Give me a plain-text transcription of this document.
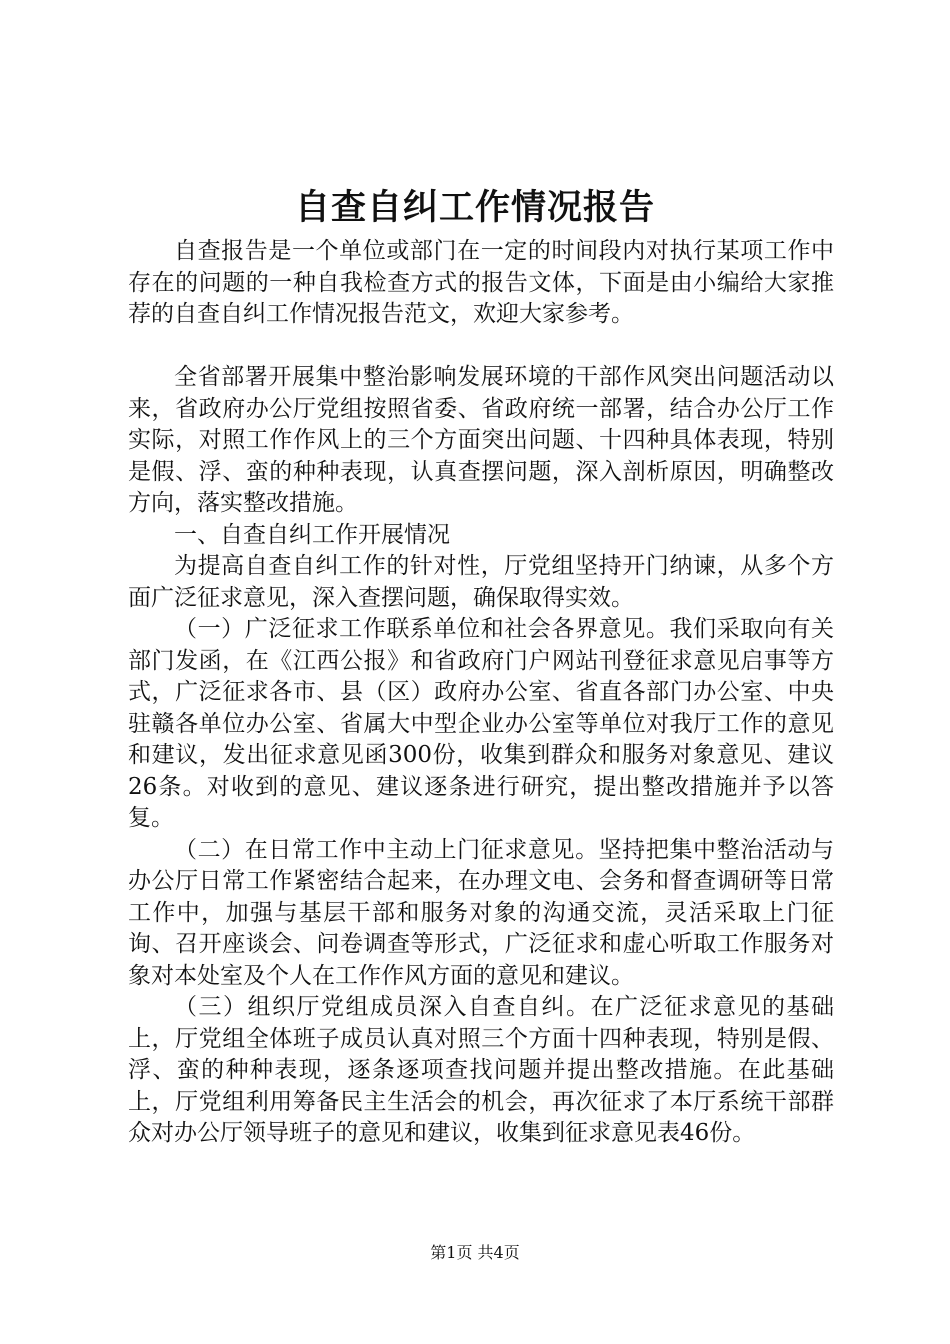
自查自纠工作情况报告

自查报告是一个单位或部门在一定的时间段内对执行某项工作中存在的问题的一种自我检查方式的报告文体，下面是由小编给大家推荐的自查自纠工作情况报告范文，欢迎大家参考。

全省部署开展集中整治影响发展环境的干部作风突出问题活动以来，省政府办公厅党组按照省委、省政府统一部署，结合办公厅工作实际，对照工作作风上的三个方面突出问题、十四种具体表现，特别是假、浮、蛮的种种表现，认真查摆问题，深入剖析原因，明确整改方向，落实整改措施。

一、自查自纠工作开展情况

为提高自查自纠工作的针对性，厅党组坚持开门纳谏，从多个方面广泛征求意见，深入查摆问题，确保取得实效。

（一）广泛征求工作联系单位和社会各界意见。我们采取向有关部门发函，在《江西公报》和省政府门户网站刊登征求意见启事等方式，广泛征求各市、县（区）政府办公室、省直各部门办公室、中央驻赣各单位办公室、省属大中型企业办公室等单位对我厅工作的意见和建议，发出征求意见函300份，收集到群众和服务对象意见、建议26条。对收到的意见、建议逐条进行研究，提出整改措施并予以答复。

（二）在日常工作中主动上门征求意见。坚持把集中整治活动与办公厅日常工作紧密结合起来，在办理文电、会务和督查调研等日常工作中，加强与基层干部和服务对象的沟通交流，灵活采取上门征询、召开座谈会、问卷调查等形式，广泛征求和虚心听取工作服务对象对本处室及个人在工作作风方面的意见和建议。

（三）组织厅党组成员深入自查自纠。在广泛征求意见的基础上，厅党组全体班子成员认真对照三个方面十四种表现，特别是假、浮、蛮的种种表现，逐条逐项查找问题并提出整改措施。在此基础上，厅党组利用筹备民主生活会的机会，再次征求了本厅系统干部群众对办公厅领导班子的意见和建议，收集到征求意见表46份。

第1页 共4页
